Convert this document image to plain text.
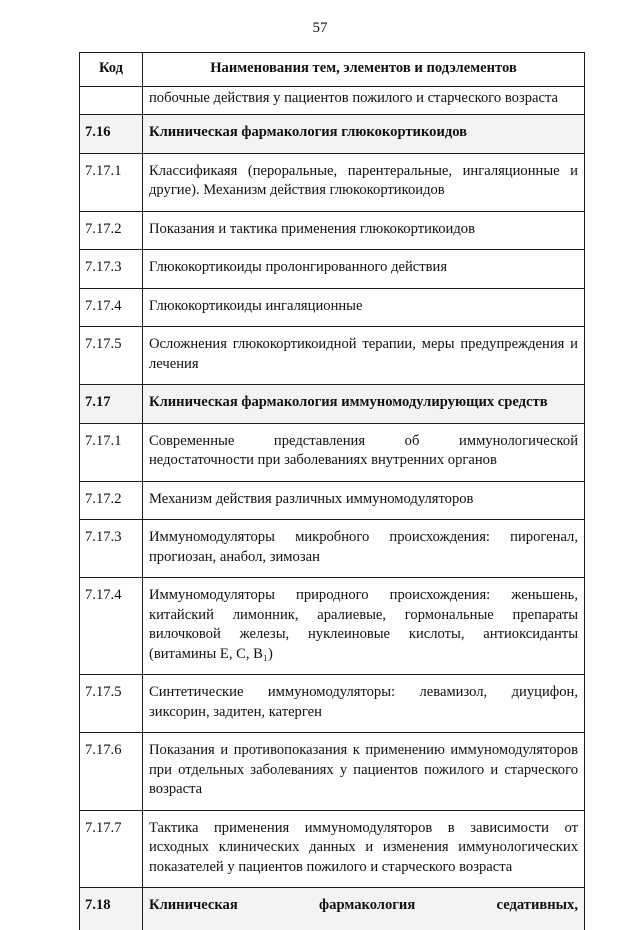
57
Код	Наименования тем, элементов и подэлементов
	побочные действия у пациентов пожилого и старческого возраста
7.16	Клиническая фармакология глюкокортикоидов
7.17.1	Классификаяя (пероральные, парентеральные, ингаляционные и другие). Механизм действия глюкокортикоидов
7.17.2	Показания и тактика применения глюкокортикоидов
7.17.3	Глюкокортикоиды пролонгированного действия
7.17.4	Глюкокортикоиды ингаляционные
7.17.5	Осложнения глюкокортикоидной терапии, меры предупреждения и лечения
7.17	Клиническая фармакология иммуномодулирующих средств
7.17.1	Современные представления об иммунологической недостаточности при заболеваниях внутренних органов
7.17.2	Механизм действия различных иммуномодуляторов
7.17.3	Иммуномодуляторы микробного происхождения: пирогенал, прогиозан, анабол, зимозан
7.17.4	Иммуномодуляторы природного происхождения: женьшень, китайский лимонник, аралиевые, гормональные препараты вилочковой железы, нуклеиновые кислоты, антиоксиданты (витамины Е, С, В₁)
7.17.5	Синтетические иммуномодуляторы: левамизол, диуцифон, зиксорин, задитен, катерген
7.17.6	Показания и противопоказания к применению иммуномодуляторов при отдельных заболеваниях у пациентов пожилого и старческого возраста
7.17.7	Тактика применения иммуномодуляторов в зависимости от исходных клинических данных и изменения иммунологических показателей у пациентов пожилого и старческого возраста
7.18	Клиническая фармакология седативных,
